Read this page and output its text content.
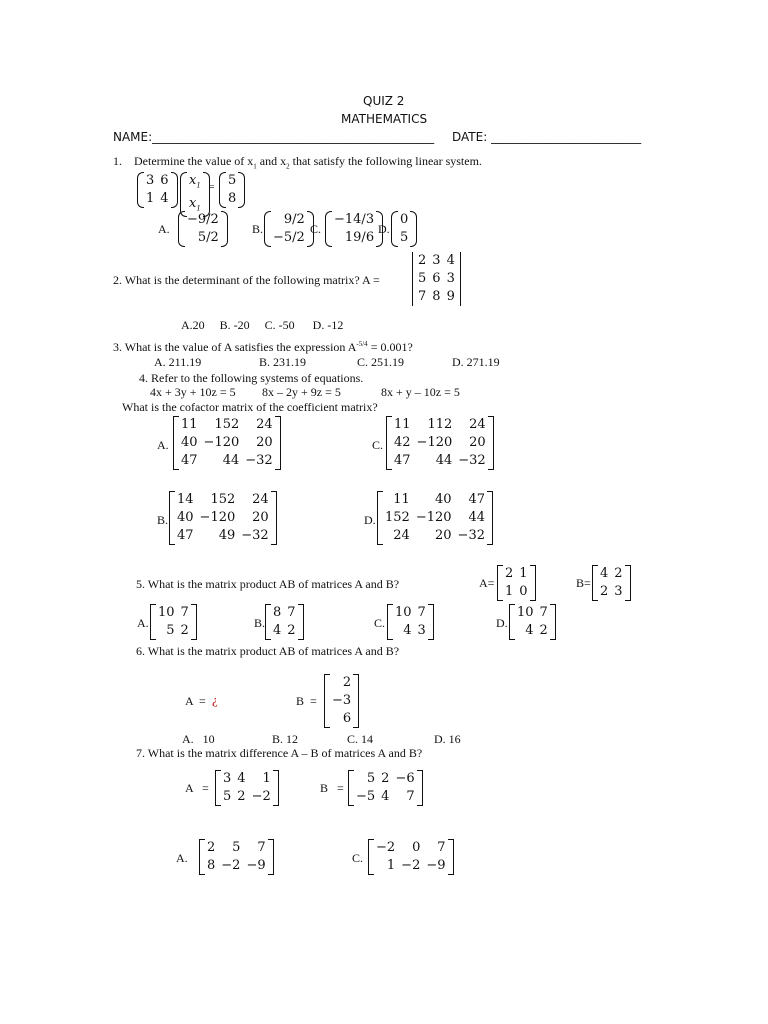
QUIZ 2
MATHEMATICS
NAME:_______________________________________________ DATE: _________________________
1. Determine the value of $x_1$ and $x_2$ that satisfy the following linear system.
3	6
1	4
$x_1$
$x_1$
= 5
8
A.
−9/2
5/2
B.
9/2
−5/2
C.
−14/3
19/6
D.
0
5
2. What is the determinant of the following matrix? A =
2	3	4
5	6	3
7	8	9
A.20     B. -20     C. -50      D. -12
3. What is the value of A satisfies the expression $A^{-5/4} = 0.001$?
A. 211.19	B. 231.19	C. 251.19	D. 271.19
4. Refer to the following systems of equations.
4x + 3y + 10z = 5 8x – 2y + 9z = 5	8x + y – 10z = 5
What is the cofactor matrix of the coefficient matrix?
A.
11	152	24
40	−120	20
47	44	−32
C.
11	112	24
42	−120	20
47	44	−32
B.
14	152	24
40	−120	20
47	49	−32
D.
11	40	47
152	−120	44
24	20	−32
5. What is the matrix product AB of matrices A and B?	A=
2	1
1	0
B=
4	2
2	3
A.
10	7
5	2	B.
8	7
4	2	C.
10	7
4	3	D.
10	7
4	2
6. What is the matrix product AB of matrices A and B?
A  = ¿	B  =
2
−3
6
A.   10	B. 12	C. 14	D. 16
7. What is the matrix difference A – B of matrices A and B?
A   =
3	4	1
5	2	−2
B   =
5	2	−6
−5	4	7
A.
2	5	7
8	−2	−9	C.
−2	0	7
1	−2	−9
